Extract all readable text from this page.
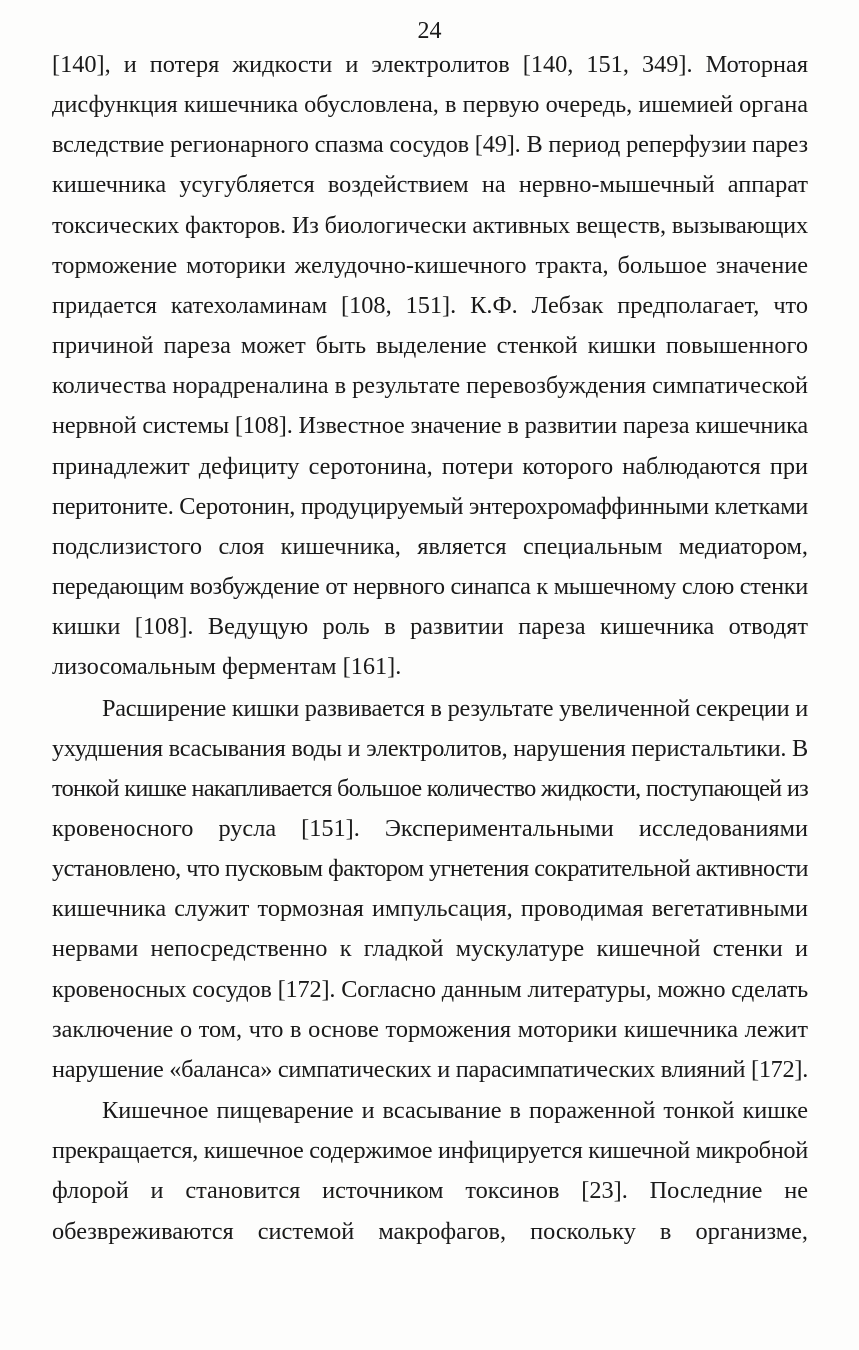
24
[140], и потеря жидкости и электролитов [140, 151, 349]. Моторная
дисфункция кишечника обусловлена, в первую очередь, ишемией органа
вследствие регионарного спазма сосудов [49]. В период реперфузии парез
кишечника усугубляется воздействием на нервно-мышечный аппарат
токсических факторов. Из биологически активных веществ, вызывающих
торможение моторики желудочно-кишечного тракта, большое значение
придается катехоламинам [108, 151]. К.Ф. Лебзак предполагает, что
причиной пареза может быть выделение стенкой кишки повышенного
количества норадреналина в результате перевозбуждения симпатической
нервной системы [108]. Известное значение в развитии пареза кишечника
принадлежит дефициту серотонина, потери которого наблюдаются при
перитоните. Серотонин, продуцируемый энтерохромаффинными клетками
подслизистого слоя кишечника, является специальным медиатором,
передающим возбуждение от нервного синапса к мышечному слою стенки
кишки [108]. Ведущую роль в развитии пареза кишечника отводят
лизосомальным ферментам [161].
Расширение кишки развивается в результате увеличенной секреции и
ухудшения всасывания воды и электролитов, нарушения перистальтики. В
тонкой кишке накапливается большое количество жидкости, поступающей из
кровеносного русла [151]. Экспериментальными исследованиями
установлено, что пусковым фактором угнетения сократительной активности
кишечника служит тормозная импульсация, проводимая вегетативными
нервами непосредственно к гладкой мускулатуре кишечной стенки и
кровеносных сосудов [172]. Согласно данным литературы, можно сделать
заключение о том, что в основе торможения моторики кишечника лежит
нарушение «баланса» симпатических и парасимпатических влияний [172].
Кишечное пищеварение и всасывание в пораженной тонкой кишке
прекращается, кишечное содержимое инфицируется кишечной микробной
флорой и становится источником токсинов [23]. Последние не
обезвреживаются системой макрофагов, поскольку в организме,
